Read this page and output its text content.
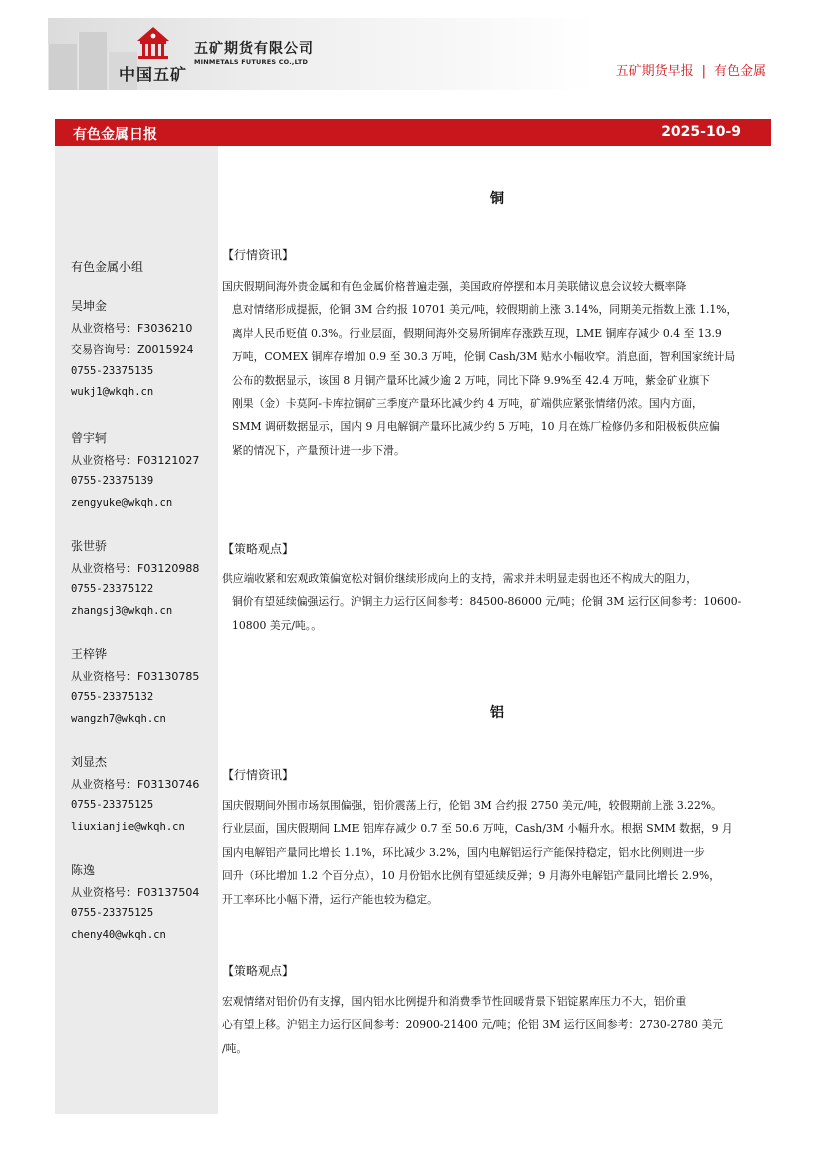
中国五矿
五矿期货有限公司
MINMETALS FUTURES CO.,LTD
五矿期货早报 | 有色金属
有色金属日报	2025-10-9
有色金属小组
吴坤金
从业资格号：F3036210
交易咨询号：Z0015924
0755-23375135
wukj1@wkqh.cn
曾宇轲
从业资格号：F03121027
0755-23375139
zengyuke@wkqh.cn
张世骄
从业资格号：F03120988
0755-23375122
zhangsj3@wkqh.cn
王梓铧
从业资格号：F03130785
0755-23375132
wangzh7@wkqh.cn
刘显杰
从业资格号：F03130746
0755-23375125
liuxianjie@wkqh.cn
陈逸
从业资格号：F03137504
0755-23375125
cheny40@wkqh.cn
铜
【行情资讯】
国庆假期间海外贵金属和有色金属价格普遍走强，美国政府停摆和本月美联储议息会议较大概率降
息对情绪形成提振，伦铜 3M 合约报 10701 美元/吨，较假期前上涨 3.14%，同期美元指数上涨 1.1%，
离岸人民币贬值 0.3%。行业层面，假期间海外交易所铜库存涨跌互现，LME 铜库存减少 0.4 至 13.9
万吨，COMEX 铜库存增加 0.9 至 30.3 万吨，伦铜 Cash/3M 贴水小幅收窄。消息面，智利国家统计局
公布的数据显示，该国 8 月铜产量环比减少逾 2 万吨，同比下降 9.9%至 42.4 万吨，紫金矿业旗下
刚果（金）卡莫阿-卡库拉铜矿三季度产量环比减少约 4 万吨，矿端供应紧张情绪仍浓。国内方面，
SMM 调研数据显示，国内 9 月电解铜产量环比减少约 5 万吨，10 月在炼厂检修仍多和阳极板供应偏
紧的情况下，产量预计进一步下滑。
【策略观点】
供应端收紧和宏观政策偏宽松对铜价继续形成向上的支持，需求并未明显走弱也还不构成大的阻力，
铜价有望延续偏强运行。沪铜主力运行区间参考：84500-86000 元/吨；伦铜 3M 运行区间参考：10600-
10800 美元/吨。。
铝
【行情资讯】
国庆假期间外围市场氛围偏强，铝价震荡上行，伦铝 3M 合约报 2750 美元/吨，较假期前上涨 3.22%。
行业层面，国庆假期间 LME 铝库存减少 0.7 至 50.6 万吨，Cash/3M 小幅升水。根据 SMM 数据，9 月
国内电解铝产量同比增长 1.1%，环比减少 3.2%，国内电解铝运行产能保持稳定，铝水比例则进一步
回升（环比增加 1.2 个百分点），10 月份铝水比例有望延续反弹；9 月海外电解铝产量同比增长 2.9%，
开工率环比小幅下滑，运行产能也较为稳定。
【策略观点】
宏观情绪对铝价仍有支撑，国内铝水比例提升和消费季节性回暖背景下铝锭累库压力不大，铝价重
心有望上移。沪铝主力运行区间参考：20900-21400 元/吨；伦铝 3M 运行区间参考：2730-2780 美元
/吨。
